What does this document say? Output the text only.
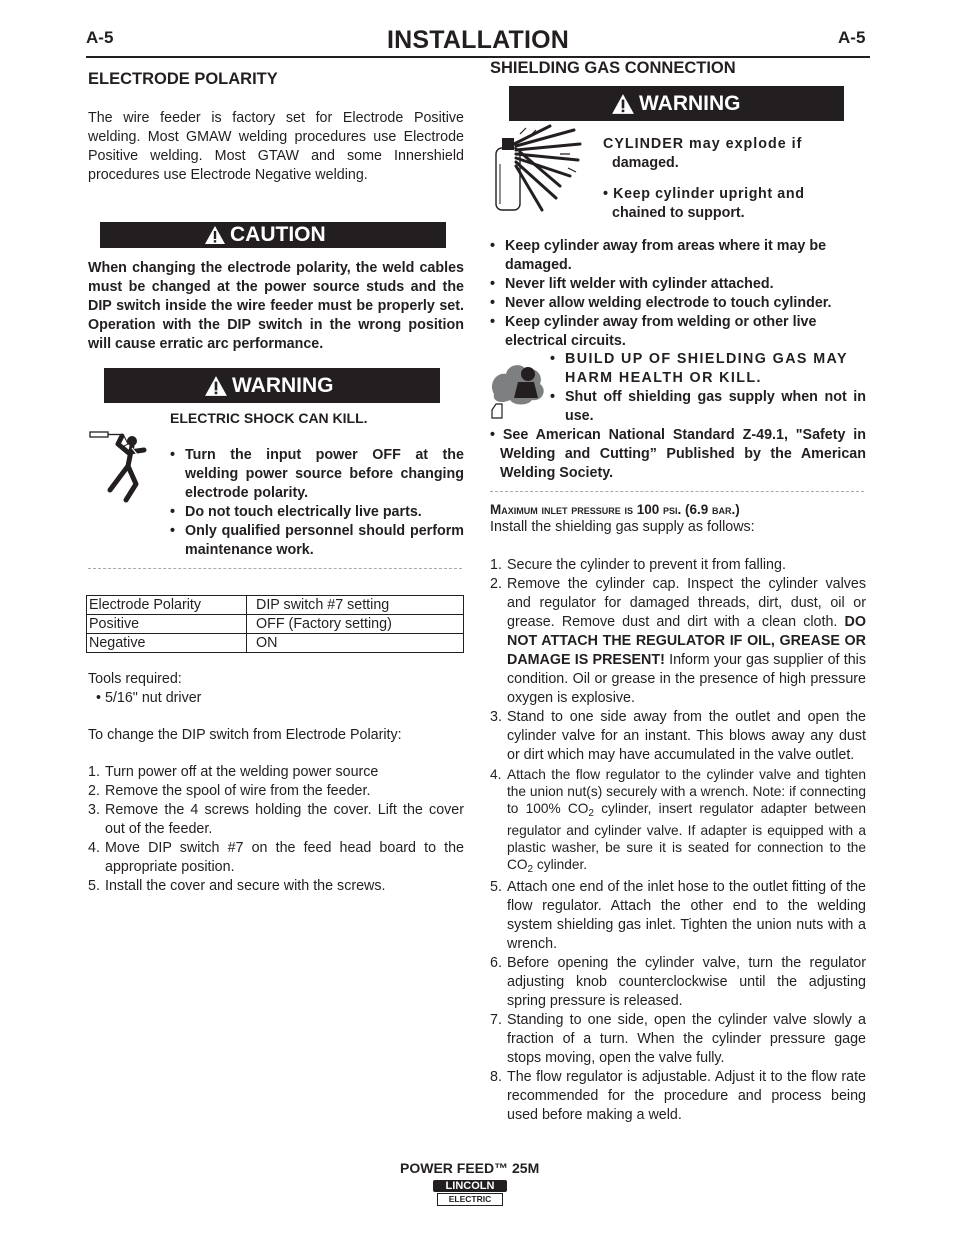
A-5	INSTALLATION	A-5
ELECTRODE POLARITY
The wire feeder is factory set for Electrode Positive welding. Most GMAW welding procedures use Electrode Positive welding. Most GTAW and some Innershield procedures use Electrode Negative welding.
CAUTION
When changing the electrode polarity, the weld cables must be changed at the power source studs and the DIP switch inside the wire feeder must be properly set. Operation with the DIP switch in the wrong position will cause erratic arc performance.
WARNING
ELECTRIC SHOCK CAN KILL.
• Turn the input power OFF at the welding power source before changing electrode polarity.
• Do not touch electrically live parts.
• Only qualified personnel should perform maintenance work.
Electrode Polarity	DIP switch #7 setting
Positive	OFF (Factory setting)
Negative	ON
Tools required:
• 5/16" nut driver
To change the DIP switch from Electrode Polarity:
1. Turn power off at the welding power source
2. Remove the spool of wire from the feeder.
3. Remove the 4 screws holding the cover. Lift the cover out of the feeder.
4. Move DIP switch #7 on the feed head board to the appropriate position.
5. Install the cover and secure with the screws.
SHIELDING GAS CONNECTION
WARNING
CYLINDER may explode if
damaged.
• Keep cylinder upright and
chained to support.
• Keep cylinder away from areas where it may be damaged.
• Never lift welder with cylinder attached.
• Never allow welding electrode to touch cylinder.
• Keep cylinder away from welding or other live electrical circuits.
• BUILD UP OF SHIELDING GAS MAY HARM HEALTH OR KILL.
• Shut off shielding gas supply when not in use.
• See American National Standard Z-49.1, "Safety in Welding and Cutting” Published by the American Welding Society.
Maximum inlet pressure is 100 psi. (6.9 bar.)
Install the shielding gas supply as follows:
1. Secure the cylinder to prevent it from falling.
2. Remove the cylinder cap. Inspect the cylinder valves and regulator for damaged threads, dirt, dust, oil or grease. Remove dust and dirt with a clean cloth. DO NOT ATTACH THE REGULATOR IF OIL, GREASE OR DAMAGE IS PRESENT! Inform your gas supplier of this condition. Oil or grease in the presence of high pressure oxygen is explosive.
3. Stand to one side away from the outlet and open the cylinder valve for an instant. This blows away any dust or dirt which may have accumulated in the valve outlet.
4. Attach the flow regulator to the cylinder valve and tighten the union nut(s) securely with a wrench. Note: if connecting to 100% $CO_2$ cylinder, insert regulator adapter between regulator and cylinder valve. If adapter is equipped with a plastic washer, be sure it is seated for connection to the $CO_2$ cylinder.
5. Attach one end of the inlet hose to the outlet fitting of the flow regulator. Attach the other end to the welding system shielding gas inlet. Tighten the union nuts with a wrench.
6. Before opening the cylinder valve, turn the regulator adjusting knob counterclockwise until the adjusting spring pressure is released.
7. Standing to one side, open the cylinder valve slowly a fraction of a turn. When the cylinder pressure gage stops moving, open the valve fully.
8. The flow regulator is adjustable. Adjust it to the flow rate recommended for the procedure and process being used before making a weld.
POWER FEED™ 25M
LINCOLN
ELECTRIC
